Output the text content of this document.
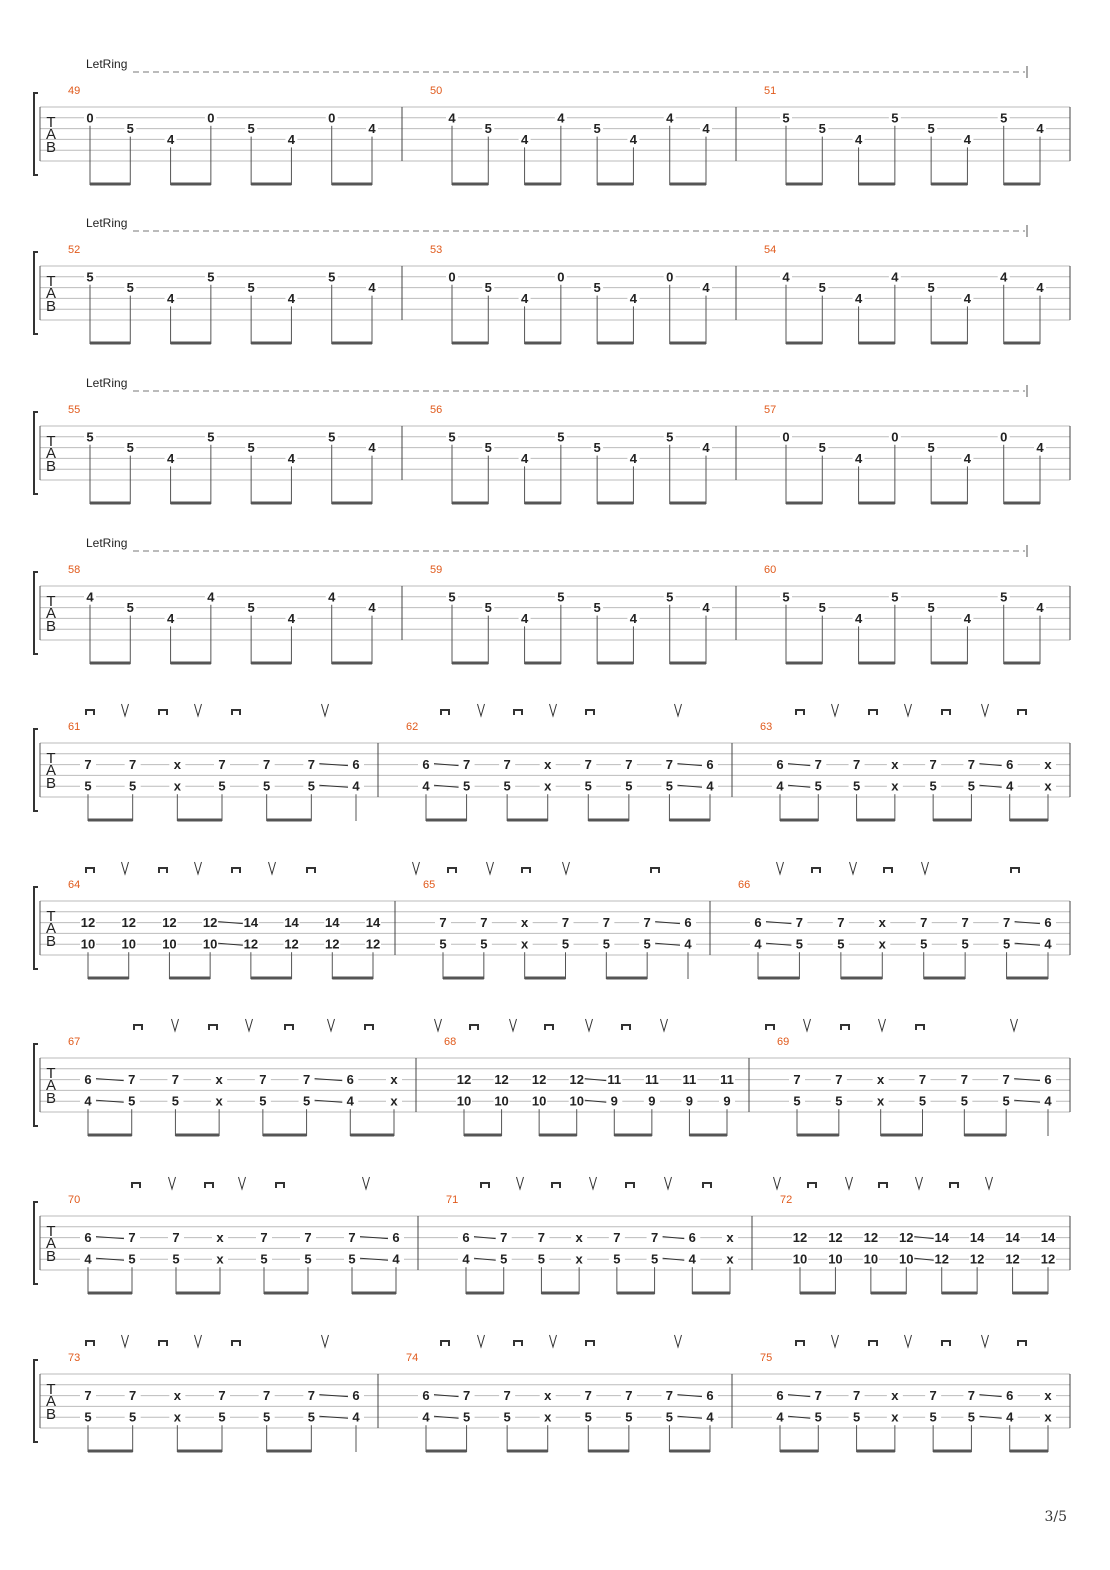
T
A
B
LetRing
49
0
5
4
0
5
4
0
4
50
4
5
4
4
5
4
4
4
51
5
5
4
5
5
4
5
4
T
A
B
LetRing
52
5
5
4
5
5
4
5
4
53
0
5
4
0
5
4
0
4
54
4
5
4
4
5
4
4
4
T
A
B
LetRing
55
5
5
4
5
5
4
5
4
56
5
5
4
5
5
4
5
4
57
0
5
4
0
5
4
0
4
T
A
B
LetRing
58
4
5
4
4
5
4
4
4
59
5
5
4
5
5
4
5
4
60
5
5
4
5
5
4
5
4
T
A
B
61
7
5
7
5
x
x
7
5
7
5
7
5
6
4
62
6
4
7
5
7
5
x
x
7
5
7
5
7
5
6
4
63
6
4
7
5
7
5
x
x
7
5
7
5
6
4
x
x
T
A
B
64
12
10
12
10
12
10
12
10
14
12
14
12
14
12
14
12
65
7
5
7
5
x
x
7
5
7
5
7
5
6
4
66
6
4
7
5
7
5
x
x
7
5
7
5
7
5
6
4
T
A
B
67
6
4
7
5
7
5
x
x
7
5
7
5
6
4
x
x
68
12
10
12
10
12
10
12
10
11
9
11
9
11
9
11
9
69
7
5
7
5
x
x
7
5
7
5
7
5
6
4
T
A
B
70
6
4
7
5
7
5
x
x
7
5
7
5
7
5
6
4
71
6
4
7
5
7
5
x
x
7
5
7
5
6
4
x
x
72
12
10
12
10
12
10
12
10
14
12
14
12
14
12
14
12
T
A
B
73
7
5
7
5
x
x
7
5
7
5
7
5
6
4
74
6
4
7
5
7
5
x
x
7
5
7
5
7
5
6
4
75
6
4
7
5
7
5
x
x
7
5
7
5
6
4
x
x
3/5
